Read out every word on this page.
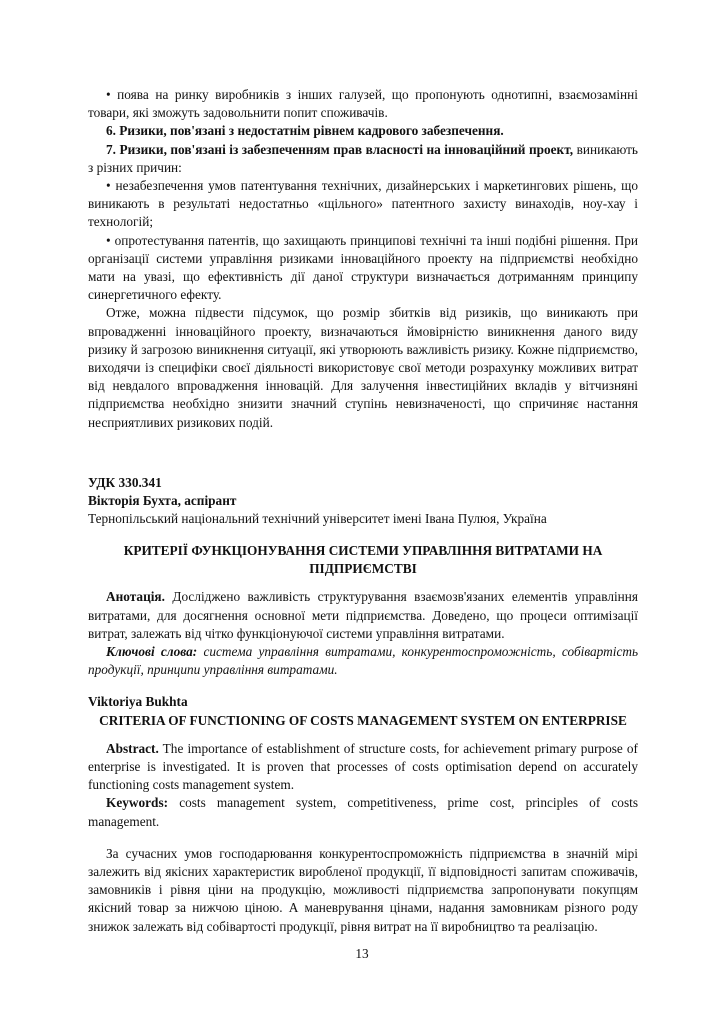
• поява на ринку виробників з інших галузей, що пропонують однотипні, взаємозамінні товари, які зможуть задовольнити попит споживачів.

6. Ризики, пов'язані з недостатнім рівнем кадрового забезпечення.

7. Ризики, пов'язані із забезпеченням прав власності на інноваційний проект, виникають з різних причин:

• незабезпечення умов патентування технічних, дизайнерських і маркетингових рішень, що виникають в результаті недостатньо «щільного» патентного захисту винаходів, ноу-хау і технологій;

• опротестування патентів, що захищають принципові технічні та інші подібні рішення. При організації системи управління ризиками інноваційного проекту на підприємстві необхідно мати на увазі, що ефективність дії даної структури визначається дотриманням принципу синергетичного ефекту.

Отже, можна підвести підсумок, що розмір збитків від ризиків, що виникають при впровадженні інноваційного проекту, визначаються ймовірністю виникнення даного виду ризику й загрозою виникнення ситуації, які утворюють важливість ризику. Кожне підприємство, виходячи із специфіки своєї діяльності використовує свої методи розрахунку можливих витрат від невдалого впровадження інновацій. Для залучення інвестиційних вкладів у вітчизняні підприємства необхідно знизити значний ступінь невизначеності, що спричиняє настання несприятливих ризикових подій.

УДК 330.341

Вікторія Бухта, аспірант

Тернопільський національний технічний університет імені Івана Пулюя, Україна

КРИТЕРІЇ ФУНКЦІОНУВАННЯ СИСТЕМИ УПРАВЛІННЯ ВИТРАТАМИ НА ПІДПРИЄМСТВІ

Анотація. Досліджено важливість структурування взаємозв'язаних елементів управління витратами, для досягнення основної мети підприємства. Доведено, що процеси оптимізації витрат, залежать від чітко функціонуючої системи управління витратами.

Ключові слова: система управління витратами, конкурентоспроможність, собівартість продукції, принципи управління витратами.

Viktoriya Bukhta

CRITERIA OF FUNCTIONING OF COSTS MANAGEMENT SYSTEM ON ENTERPRISE

Abstract. The importance of establishment of structure costs, for achievement primary purpose of enterprise is investigated. It is proven that processes of costs optimisation depend on accurately functioning costs management system.

Keywords: costs management system, competitiveness, prime cost, principles of costs management.

За сучасних умов господарювання конкурентоспроможність підприємства в значній мірі залежить від якісних характеристик виробленої продукції, її відповідності запитам споживачів, замовників і рівня ціни на продукцію, можливості підприємства запропонувати покупцям якісний товар за нижчою ціною. А маневрування цінами, надання замовникам різного роду знижок залежать від собівартості продукції, рівня витрат на її виробництво та реалізацію.

13
